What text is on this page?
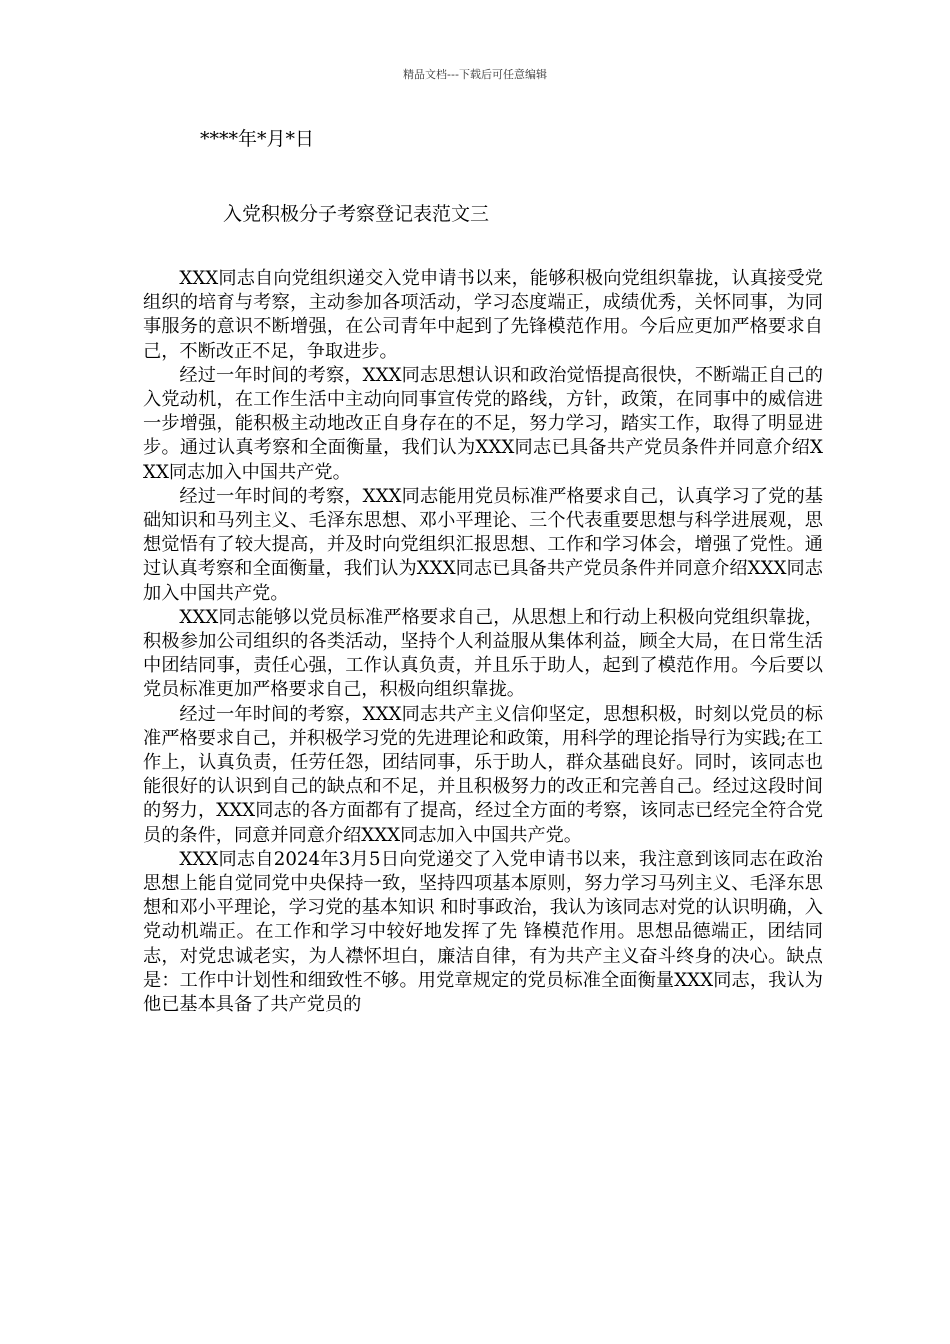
精品文档---下载后可任意编辑
****年*月*日
入党积极分子考察登记表范文三

XXX同志自向党组织递交入党申请书以来，能够积极向党组织靠拢，认真接受党组织的培育与考察，主动参加各项活动，学习态度端正，成绩优秀，关怀同事，为同事服务的意识不断增强，在公司青年中起到了先锋模范作用。今后应更加严格要求自己，不断改正不足，争取进步。

经过一年时间的考察，XXX同志思想认识和政治觉悟提高很快，不断端正自己的入党动机，在工作生活中主动向同事宣传党的路线，方针，政策，在同事中的威信进一步增强，能积极主动地改正自身存在的不足，努力学习，踏实工作，取得了明显进步。通过认真考察和全面衡量，我们认为XXX同志已具备共产党员条件并同意介绍XXX同志加入中国共产党。

经过一年时间的考察，XXX同志能用党员标准严格要求自己，认真学习了党的基础知识和马列主义、毛泽东思想、邓小平理论、三个代表重要思想与科学进展观，思想觉悟有了较大提高，并及时向党组织汇报思想、工作和学习体会，增强了党性。通过认真考察和全面衡量，我们认为XXX同志已具备共产党员条件并同意介绍XXX同志加入中国共产党。

XXX同志能够以党员标准严格要求自己，从思想上和行动上积极向党组织靠拢，积极参加公司组织的各类活动，坚持个人利益服从集体利益，顾全大局，在日常生活中团结同事，责任心强，工作认真负责，并且乐于助人，起到了模范作用。今后要以党员标准更加严格要求自己，积极向组织靠拢。

经过一年时间的考察，XXX同志共产主义信仰坚定，思想积极，时刻以党员的标准严格要求自己，并积极学习党的先进理论和政策，用科学的理论指导行为实践;在工作上，认真负责，任劳任怨，团结同事，乐于助人，群众基础良好。同时，该同志也能很好的认识到自己的缺点和不足，并且积极努力的改正和完善自己。经过这段时间的努力，XXX同志的各方面都有了提高，经过全方面的考察，该同志已经完全符合党员的条件，同意并同意介绍XXX同志加入中国共产党。

XXX同志自2024年3月5日向党递交了入党申请书以来，我注意到该同志在政治思想上能自觉同党中央保持一致，坚持四项基本原则，努力学习马列主义、毛泽东思想和邓小平理论，学习党的基本知识 和时事政治，我认为该同志对党的认识明确，入党动机端正。在工作和学习中较好地发挥了先 锋模范作用。思想品德端正，团结同志，对党忠诚老实，为人襟怀坦白，廉洁自律，有为共产主义奋斗终身的决心。缺点是：工作中计划性和细致性不够。用党章规定的党员标准全面衡量XXX同志，我认为他已基本具备了共产党员的
